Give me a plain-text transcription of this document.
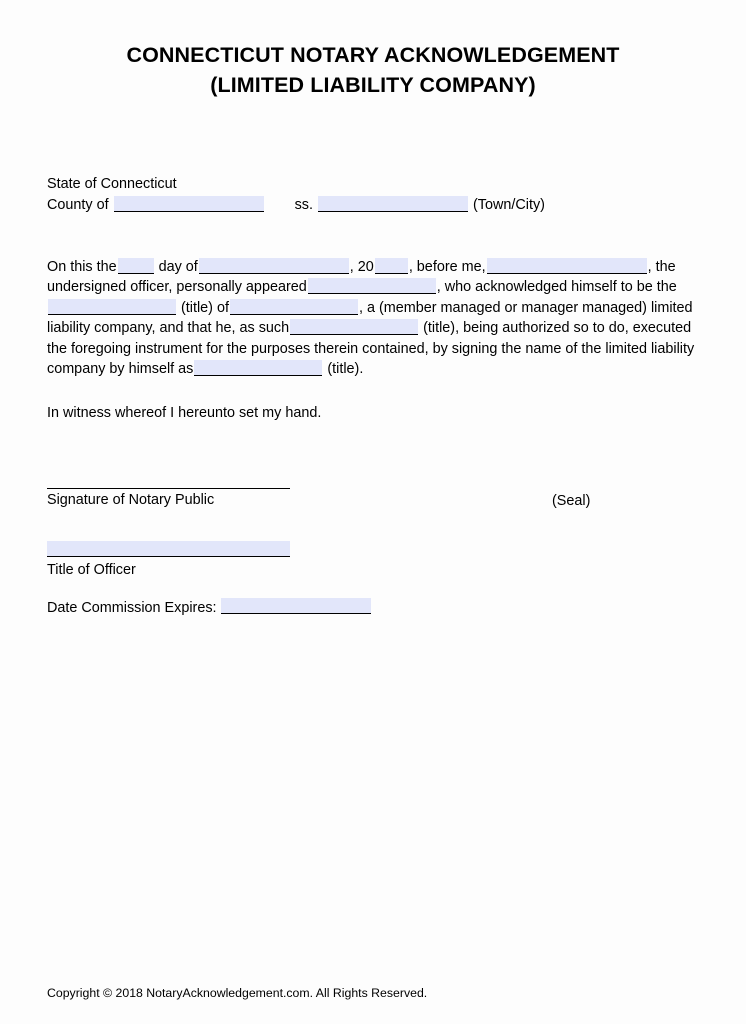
CONNECTICUT NOTARY ACKNOWLEDGEMENT
(LIMITED LIABILITY COMPANY)
State of Connecticut
County of	ss.	(Town/City)

On this the	day of	, 20 , before me,	, the undersigned officer, personally appeared	, who acknowledged himself to be the (title) of	, a (member managed or manager managed) limited liability company, and that he, as such	(title), being authorized so to do, executed the foregoing instrument for the purposes therein contained, by signing the name of the limited liability company by himself as	(title).

In witness whereof I hereunto set my hand.

Signature of Notary Public	(Seal)
Title of Officer
Date Commission Expires:
Copyright © 2018 NotaryAcknowledgement.com. All Rights Reserved.
